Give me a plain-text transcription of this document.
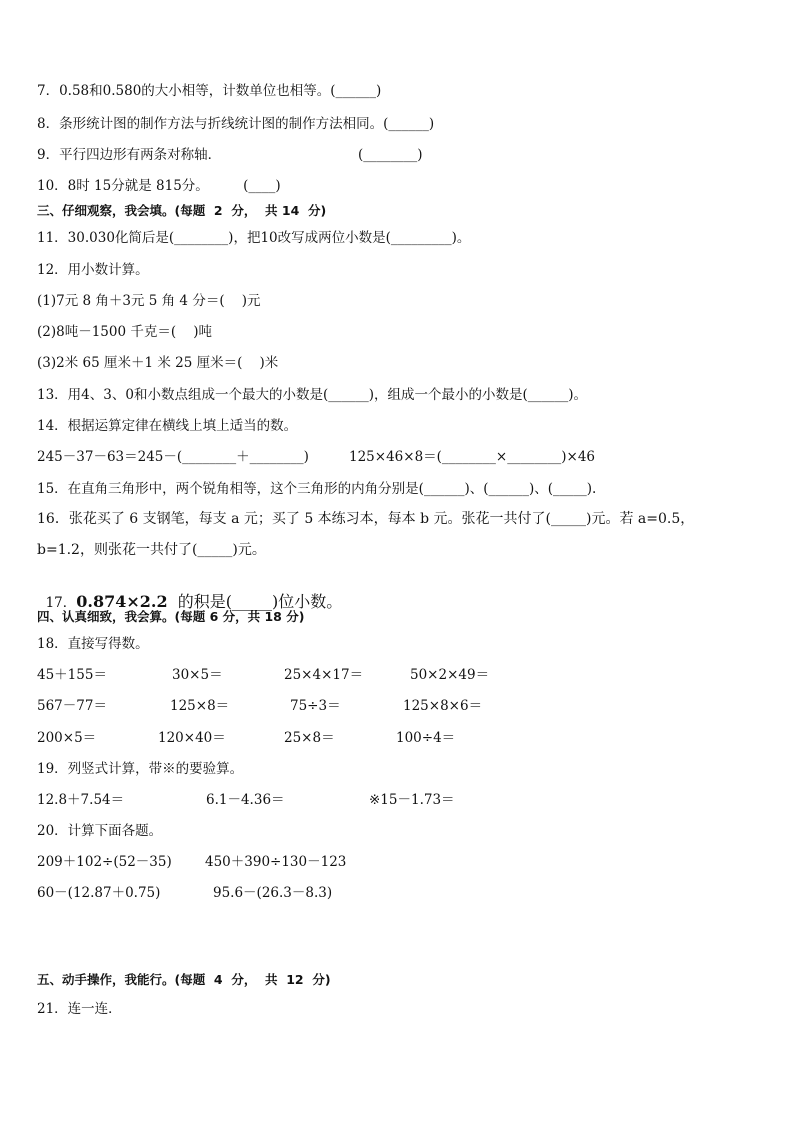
7．0.58和0.580的大小相等，计数单位也相等。(______)
8．条形统计图的制作方法与折线统计图的制作方法相同。(______)
9．平行四边形有两条对称轴．	(________)
10．8时 15分就是 815分。        (____)
三、仔细观察，我会填。(每题  2  分，  共 14  分)
11．30.030化简后是(________)，把10改写成两位小数是(_________)。
12．用小数计算。
(1)7元 8 角＋3元 5 角 4 分＝(    )元
(2)8吨－1500 千克＝(    )吨
(3)2米 65 厘米＋1 米 25 厘米＝(    )米
13．用4、3、0和小数点组成一个最大的小数是(______)，组成一个最小的小数是(______)。
14．根据运算定律在横线上填上适当的数。
245－37－63＝245－(________＋________)	125×46×8＝(________×________)×46
15．在直角三角形中，两个锐角相等，这个三角形的内角分别是(______)、(______)、(_____).
16．张花买了 6 支钢笔，每支 a 元；买了 5 本练习本，每本 b 元。张花一共付了(_____)元。若 a=0.5，
b=1.2，则张花一共付了(_____)元。

17．0.874×2.2  的积是(_____)位小数。

四、认真细致，我会算。(每题 6 分，共 18 分)
18．直接写得数。
45＋155＝	30×5＝	25×4×17＝	50×2×49＝
567－77＝	125×8＝	75÷3＝	125×8×6＝
200×5＝	120×40＝	25×8＝	100÷4＝
19．列竖式计算，带※的要验算。
12.8＋7.54＝	6.1－4.36＝	※15－1.73＝
20．计算下面各题。
209＋102÷(52－35) 450＋390÷130－123
60－(12.87＋0.75)	95.6－(26.3－8.3)
五、动手操作，我能行。(每题  4  分，  共  12  分)
21．连一连．
